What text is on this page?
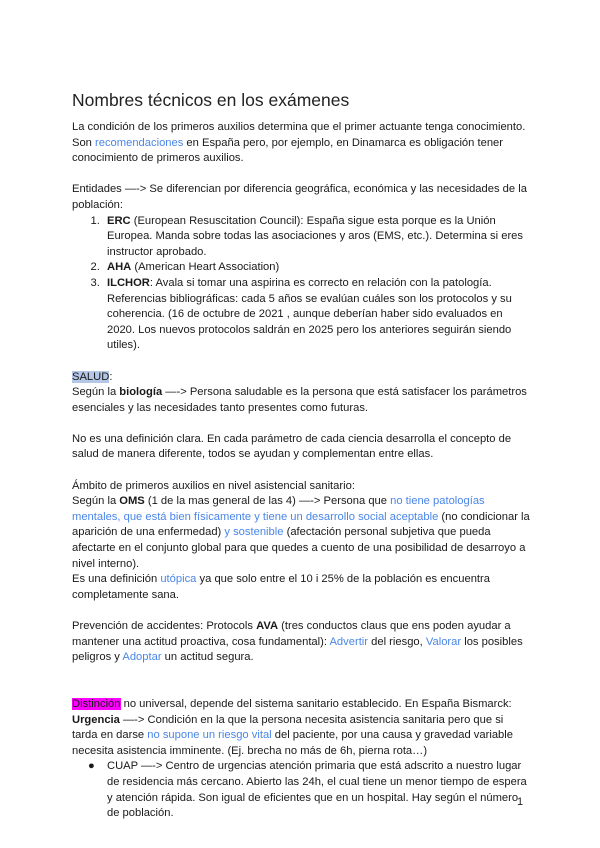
Nombres técnicos en los exámenes

La condición de los primeros auxilios determina que el primer actuante tenga conocimiento. Son recomendaciones en España pero, por ejemplo, en Dinamarca es obligación tener conocimiento de primeros auxilios.

Entidades —-> Se diferencian por diferencia geográfica, económica y las necesidades de la población:

1. ERC (European Resuscitation Council): España sigue esta porque es la Unión Europea. Manda sobre todas las asociaciones y aros (EMS, etc.). Determina si eres instructor aprobado.
2. AHA (American Heart Association)
3. ILCHOR: Avala si tomar una aspirina es correcto en relación con la patología. Referencias bibliográficas: cada 5 años se evalúan cuáles son los protocolos y su coherencia. (16 de octubre de 2021 , aunque deberían haber sido evaluados en 2020. Los nuevos protocolos saldrán en 2025 pero los anteriores seguirán siendo utiles).

SALUD:

Según la biología —-> Persona saludable es la persona que está satisfacer los parámetros esenciales y las necesidades tanto presentes como futuras.

No es una definición clara. En cada parámetro de cada ciencia desarrolla el concepto de salud de manera diferente, todos se ayudan y complementan entre ellas.

Ámbito de primeros auxilios en nivel asistencial sanitario:

Según la OMS (1 de la mas general de las 4) —-> Persona que no tiene patologías mentales, que está bien físicamente y tiene un desarrollo social aceptable (no condicionar la aparición de una enfermedad) y sostenible (afectación personal subjetiva que pueda afectarte en el conjunto global para que quedes a cuento de una posibilidad de desarroyo a nivel interno).

Es una definición utópica ya que solo entre el 10 i 25% de la población es encuentra completamente sana.

Prevención de accidentes: Protocols AVA (tres conductos claus que ens poden ayudar a mantener una actitud proactiva, cosa fundamental): Advertir del riesgo, Valorar los posibles peligros y Adoptar un actitud segura.

Distinción no universal, depende del sistema sanitario establecido. En España Bismarck:

Urgencia —-> Condición en la que la persona necesita asistencia sanitaria pero que si tarda en darse no supone un riesgo vital del paciente, por una causa y gravedad variable necesita asistencia imminente. (Ej. brecha no más de 6h, pierna rota…)

● CUAP —-> Centro de urgencias atención primaria que está adscrito a nuestro lugar de residencia más cercano. Abierto las 24h, el cual tiene un menor tiempo de espera y atención rápida. Son igual de eficientes que en un hospital. Hay según el número de población.
1
